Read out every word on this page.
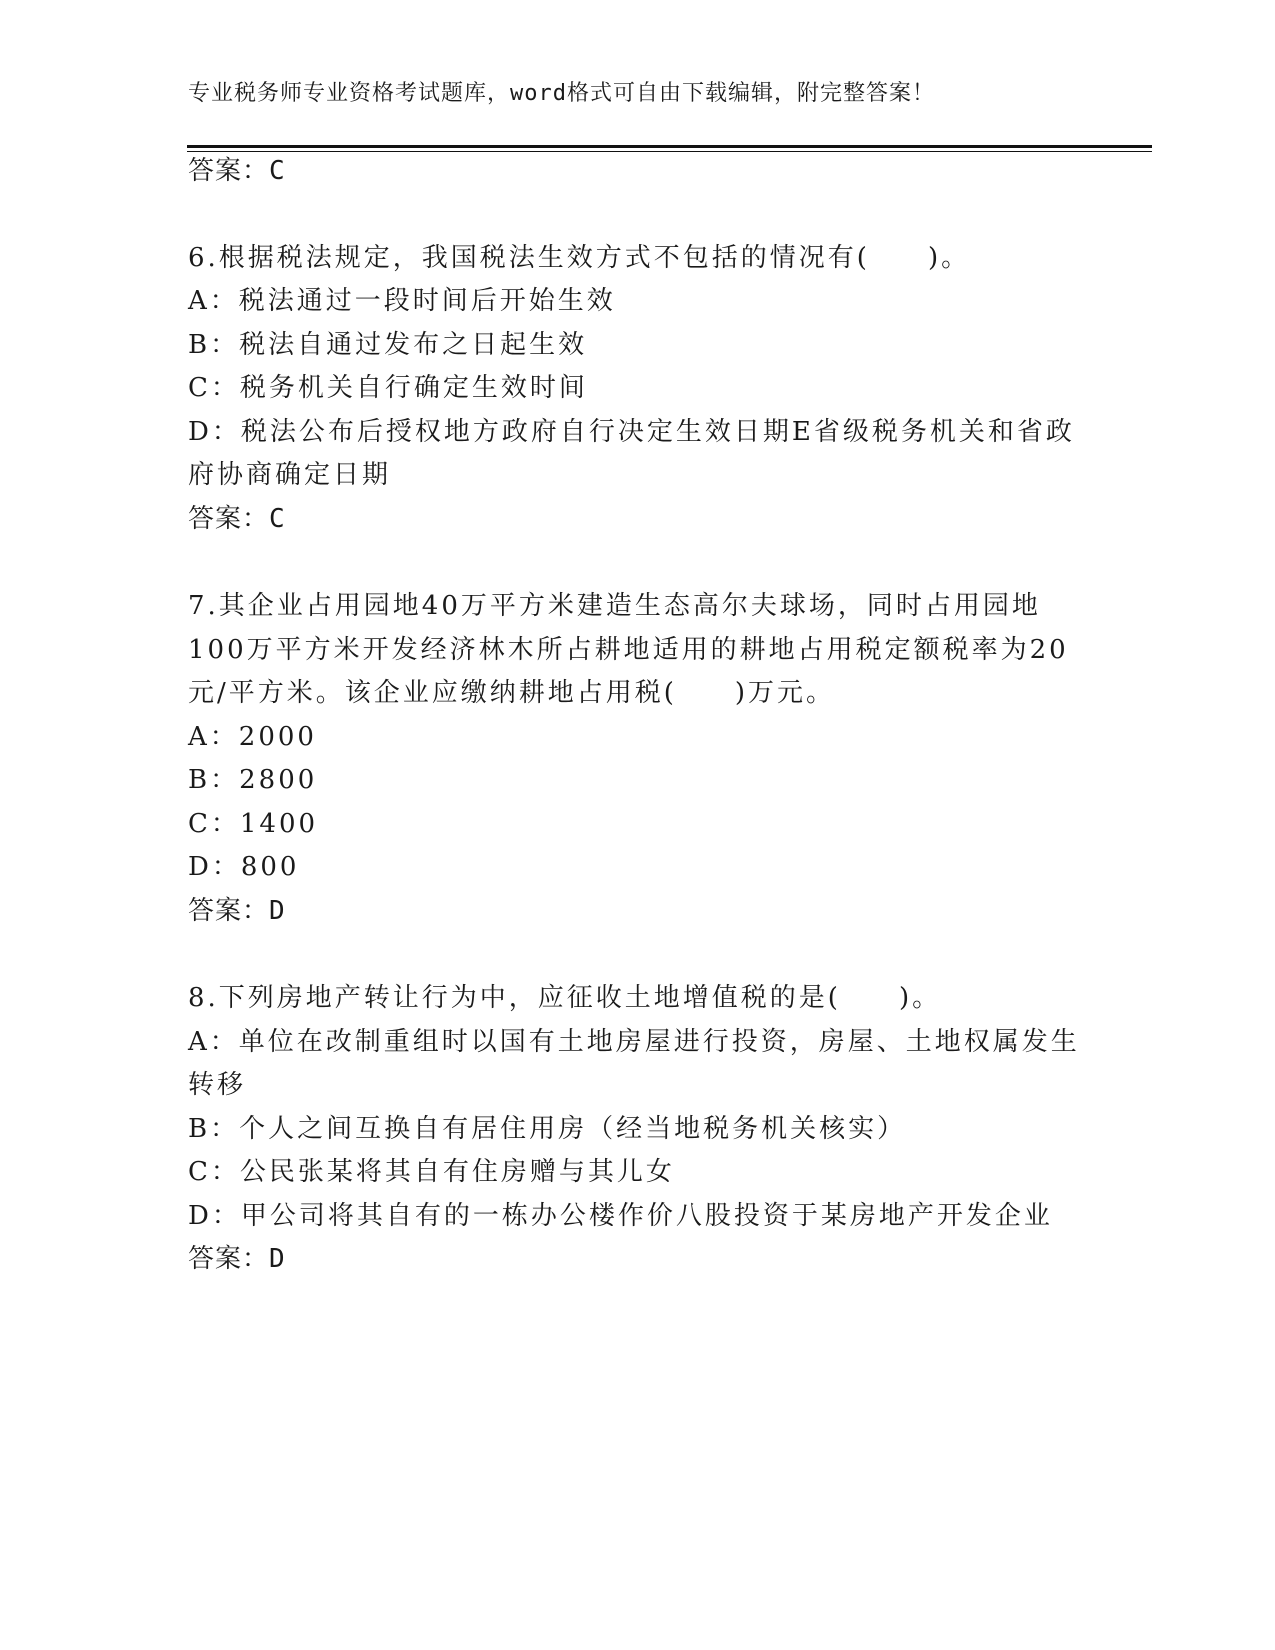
专业税务师专业资格考试题库，word格式可自由下载编辑，附完整答案！
答案：C
6.根据税法规定，我国税法生效方式不包括的情况有(　　)。
A：税法通过一段时间后开始生效
B：税法自通过发布之日起生效
C：税务机关自行确定生效时间
D：税法公布后授权地方政府自行决定生效日期E省级税务机关和省政
府协商确定日期
答案：C
7.其企业占用园地40万平方米建造生态高尔夫球场，同时占用园地
100万平方米开发经济林木所占耕地适用的耕地占用税定额税率为20
元/平方米。该企业应缴纳耕地占用税(　　)万元。
A：2000
B：2800
C：1400
D：800
答案：D
8.下列房地产转让行为中，应征收土地增值税的是(　　)。
A：单位在改制重组时以国有土地房屋进行投资，房屋、土地权属发生
转移
B：个人之间互换自有居住用房（经当地税务机关核实）
C：公民张某将其自有住房赠与其儿女
D：甲公司将其自有的一栋办公楼作价八股投资于某房地产开发企业
答案：D
